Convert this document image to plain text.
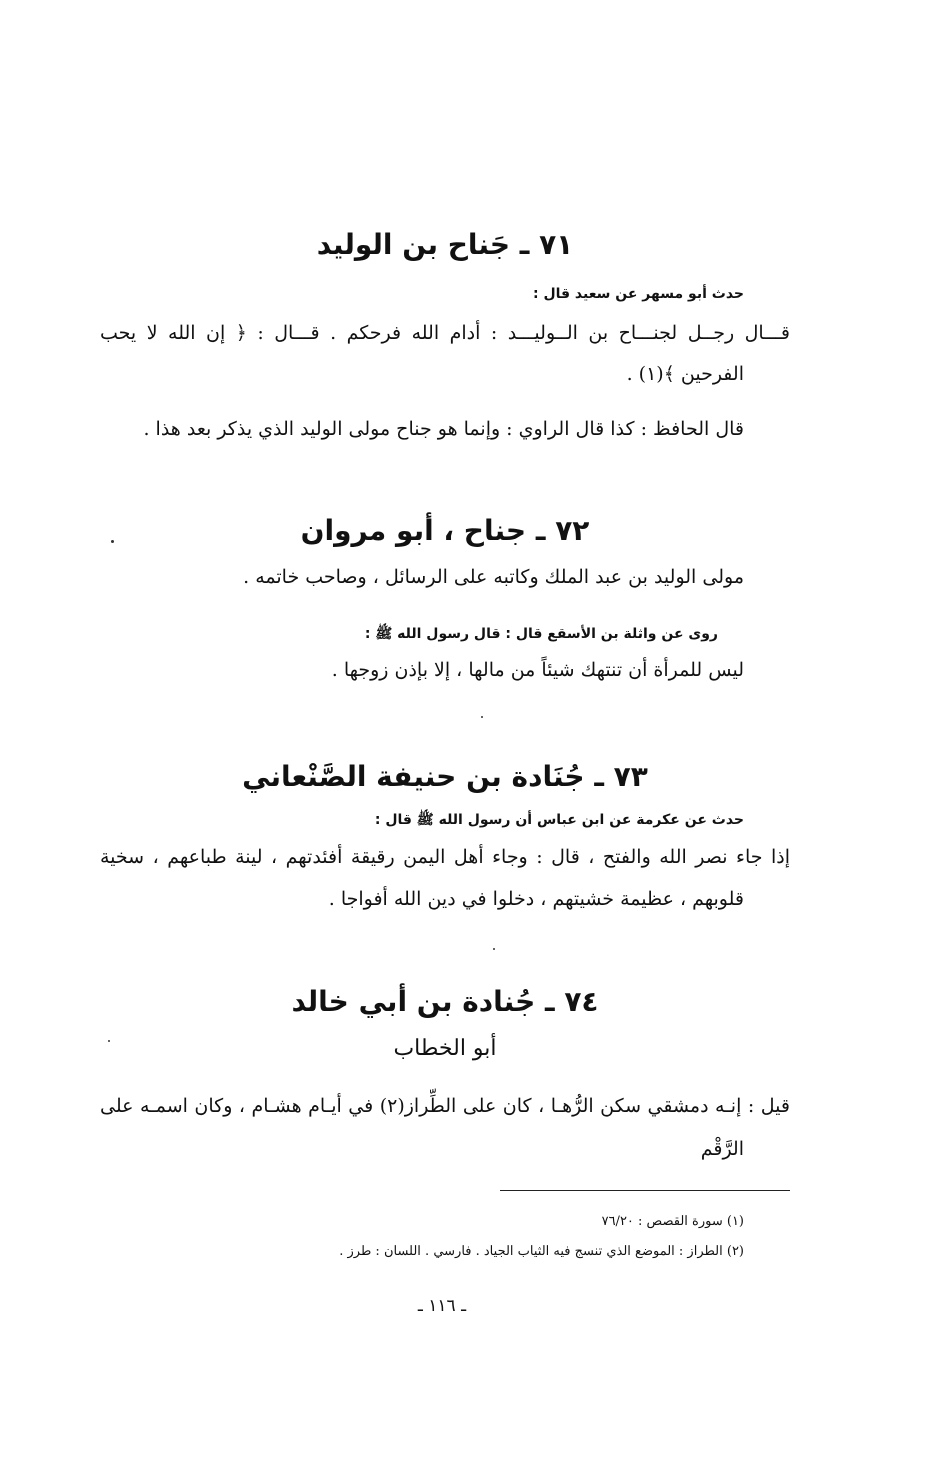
٧١ ـ جَناح بن الوليد
حدث أبو مسهر عن سعيد قال :
قـــال رجــل لجنـــاح بن الــوليـــد : أدام الله فرحكم . قـــال : ﴿ إن الله لا يحب
الفرحين ﴾(١) .
قال الحافظ : كذا قال الراوي : وإنما هو جناح مولى الوليد الذي يذكر بعد هذا .
٧٢ ـ جناح ، أبو مروان
مولى الوليد بن عبد الملك وكاتبه على الرسائل ، وصاحب خاتمه .
روى عن واثلة بن الأسقع قال : قال رسول الله ﷺ :
ليس للمرأة أن تنتهك شيئاً من مالها ، إلا بإذن زوجها .
٧٣ ـ جُنَادة بن حنيفة الصَّنْعاني
حدث عن عكرمة عن ابن عباس أن رسول الله ﷺ قال :
إذا جاء نصر الله والفتح ، قال : وجاء أهل اليمن رقيقة أفئدتهم ، لينة طباعهم ، سخية
قلوبهم ، عظيمة خشيتهم ، دخلوا في دين الله أفواجا .
٧٤ ـ جُنادة بن أبي خالد
أبو الخطاب
قيل : إنـه دمشقي سكن الرُّهـا ، كان على الطِّراز(٢) في أيـام هشـام ، وكان اسمـه على
الرَّقْم
(١) سورة القصص : ٧٦/٢٠
(٢) الطراز : الموضع الذي تنسج فيه الثياب الجياد . فارسي . اللسان : طرز .
ـ ١١٦ ـ
